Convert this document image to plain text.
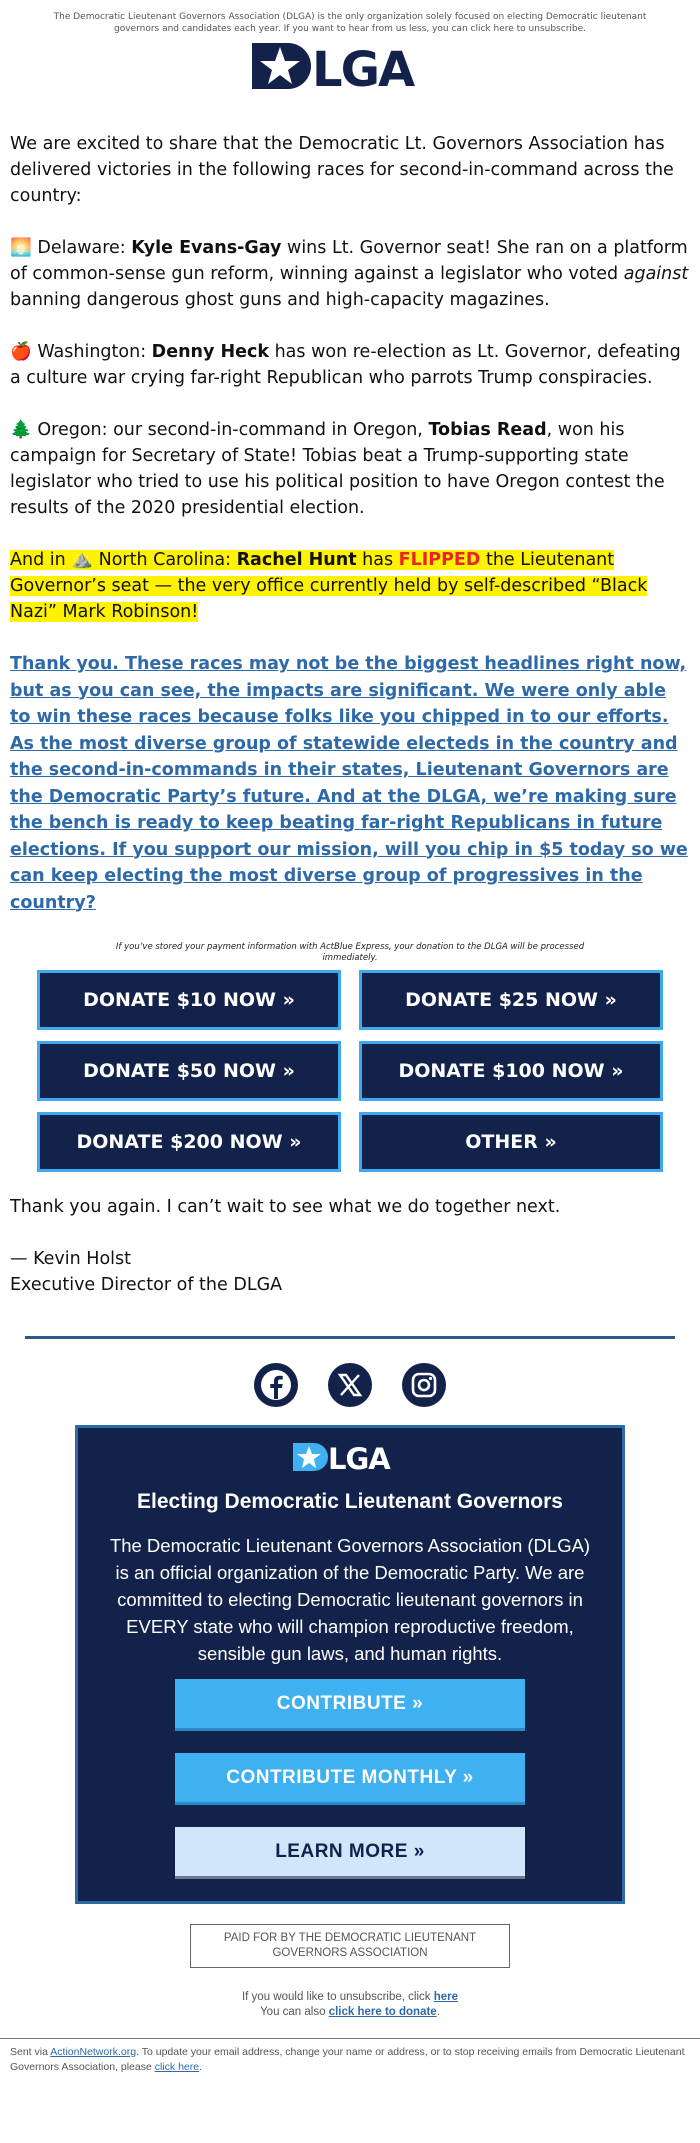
The Democratic Lieutenant Governors Association (DLGA) is the only organization solely focused on electing Democratic lieutenant governors and candidates each year. If you want to hear from us less, you can click here to unsubscribe.
LGA

We are excited to share that the Democratic Lt. Governors Association has delivered victories in the following races for second-in-command across the country:

🌅 Delaware: Kyle Evans-Gay wins Lt. Governor seat! She ran on a platform of common-sense gun reform, winning against a legislator who voted against banning dangerous ghost guns and high-capacity magazines.

🍎 Washington: Denny Heck has won re-election as Lt. Governor, defeating a culture war crying far-right Republican who parrots Trump conspiracies.

🌲 Oregon: our second-in-command in Oregon, Tobias Read, won his campaign for Secretary of State! Tobias beat a Trump-supporting state legislator who tried to use his political position to have Oregon contest the results of the 2020 presidential election.

And in ⛰️ North Carolina: Rachel Hunt has FLIPPED the Lieutenant Governor’s seat — the very office currently held by self-described “Black Nazi” Mark Robinson!

Thank you. These races may not be the biggest headlines right now, but as you can see, the impacts are significant. We were only able to win these races because folks like you chipped in to our efforts. As the most diverse group of statewide electeds in the country and the second-in-commands in their states, Lieutenant Governors are the Democratic Party’s future. And at the DLGA, we’re making sure the bench is ready to keep beating far-right Republicans in future elections. If you support our mission, will you chip in $5 today so we can keep electing the most diverse group of progressives in the country?

If you’ve stored your payment information with ActBlue Express, your donation to the DLGA will be processed immediately.
DONATE $10 NOW »	DONATE $25 NOW »
DONATE $50 NOW »	DONATE $100 NOW »
DONATE $200 NOW »	OTHER »

Thank you again. I can’t wait to see what we do together next.

— Kevin Holst
Executive Director of the DLGA

LGA
Electing Democratic Lieutenant Governors
The Democratic Lieutenant Governors Association (DLGA) is an official organization of the Democratic Party. We are committed to electing Democratic lieutenant governors in EVERY state who will champion reproductive freedom, sensible gun laws, and human rights.
CONTRIBUTE »
CONTRIBUTE MONTHLY »
LEARN MORE »
PAID FOR BY THE DEMOCRATIC LIEUTENANT GOVERNORS ASSOCIATION
If you would like to unsubscribe, click here
You can also click here to donate.
Sent via ActionNetwork.org. To update your email address, change your name or address, or to stop receiving emails from Democratic Lieutenant Governors Association, please click here.
